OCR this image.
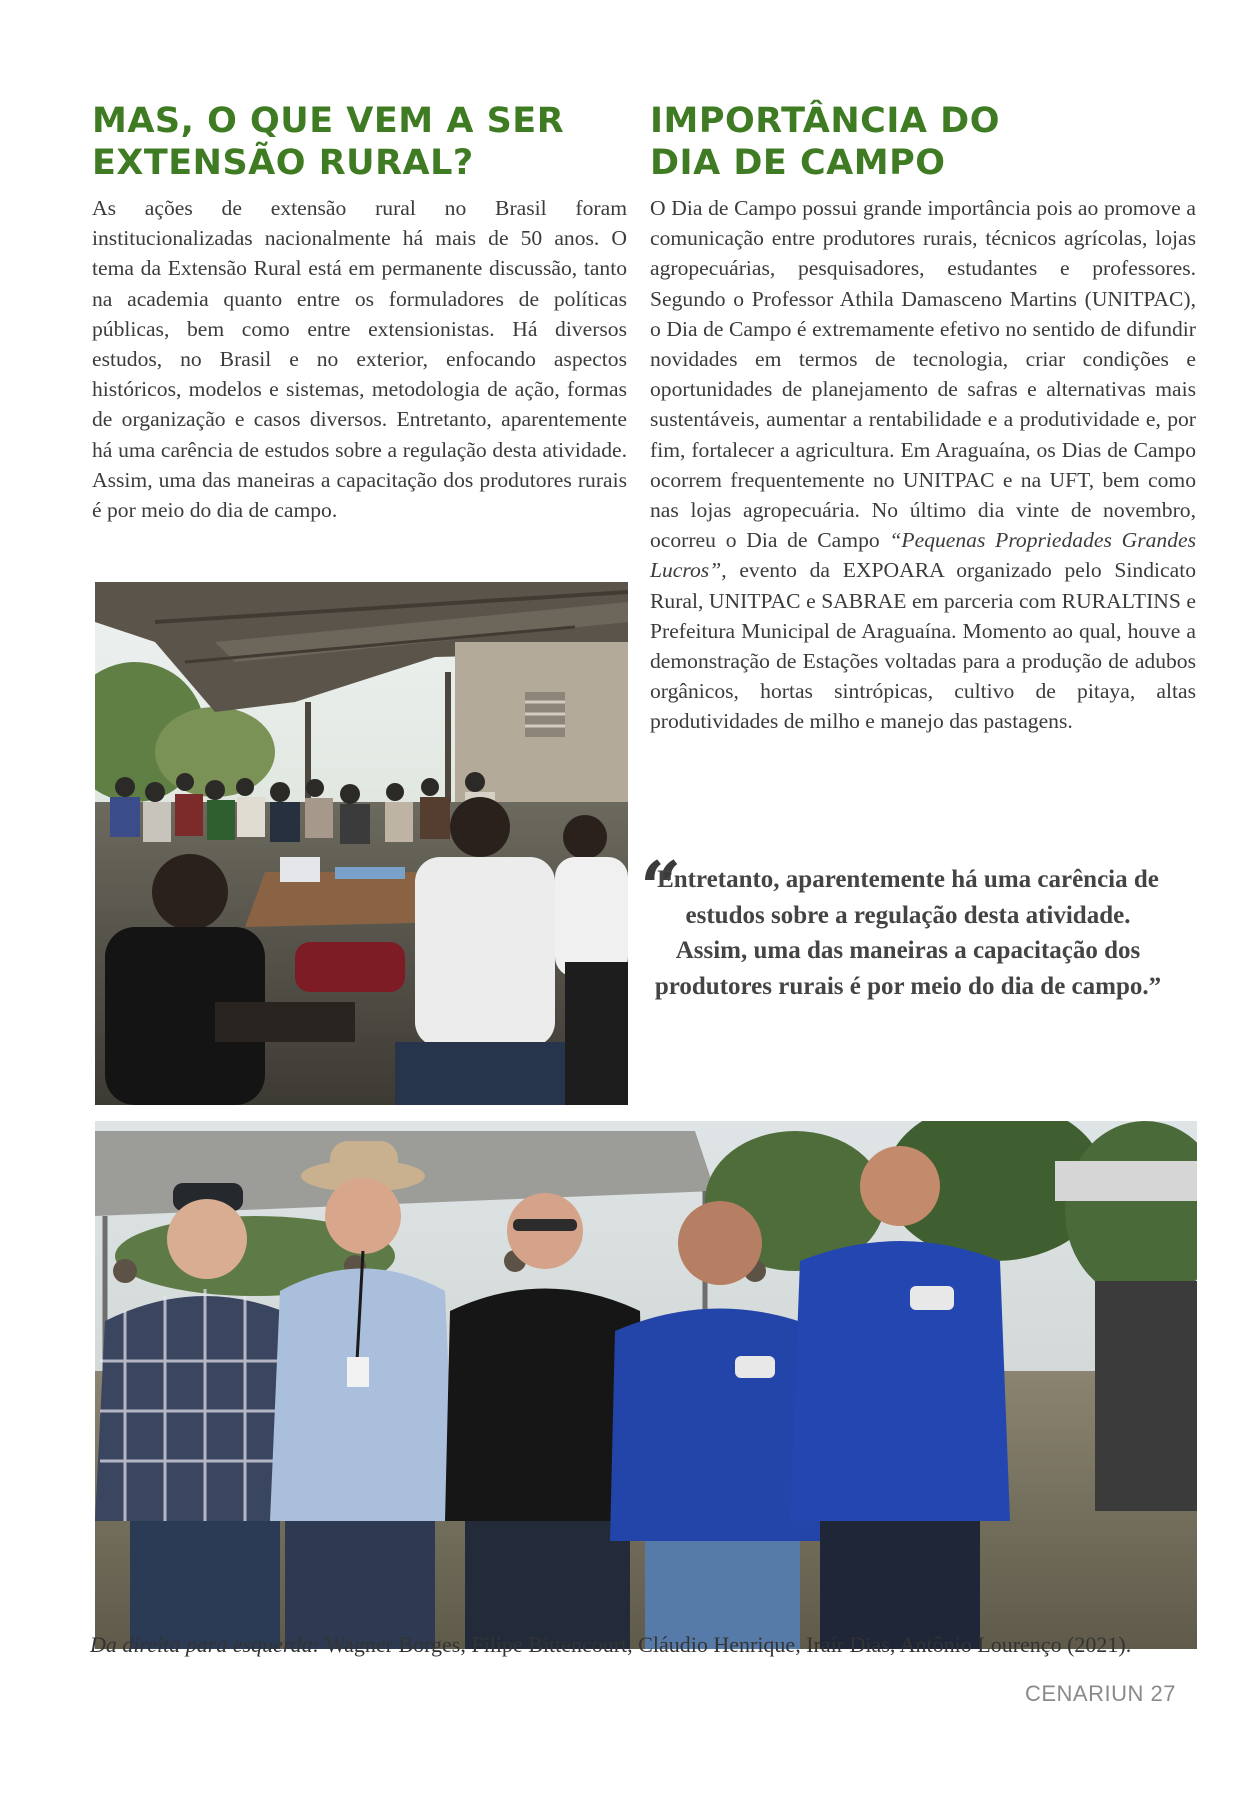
MAS, O QUE VEM A SER
EXTENSÃO RURAL?

As ações de extensão rural no Brasil foram institucionalizadas nacionalmente há mais de 50 anos. O tema da Extensão Rural está em permanente discussão, tanto na academia quanto entre os formuladores de políticas públicas, bem como entre extensionistas. Há diversos estudos, no Brasil e no exterior, enfocando aspectos históricos, modelos e sistemas, metodologia de ação, formas de organização e casos diversos. Entretanto, aparentemente há uma carência de estudos sobre a regulação desta atividade. Assim, uma das maneiras a capacitação dos produtores rurais é por meio do dia de campo.

IMPORTÂNCIA DO
DIA DE CAMPO

O Dia de Campo possui grande importância pois ao promove a comunicação entre produtores rurais, técnicos agrícolas, lojas agropecuárias, pesquisadores, estudantes e professores. Segundo o Professor Athila Damasceno Martins (UNITPAC), o Dia de Campo é extremamente efetivo no sentido de difundir novidades em termos de tecnologia, criar condições e oportunidades de planejamento de safras e alternativas mais sustentáveis, aumentar a rentabilidade e a produtividade e, por fim, fortalecer a agricultura. Em Araguaína, os Dias de Campo ocorrem frequentemente no UNITPAC e na UFT, bem como nas lojas agropecuária. No último dia vinte de novembro, ocorreu o Dia de Campo “Pequenas Propriedades Grandes Lucros”, evento da EXPOARA organizado pelo Sindicato Rural, UNITPAC e SABRAE em parceria com RURALTINS e Prefeitura Municipal de Araguaína. Momento ao qual, houve a demonstração de Estações voltadas para a produção de adubos orgânicos, hortas sintrópicas, cultivo de pitaya, altas produtividades de milho e manejo das pastagens.

“
Entretanto, aparentemente há uma carência de estudos sobre a regulação desta atividade. Assim, uma das maneiras a capacitação dos produtores rurais é por meio do dia de campo.”
Da direita para esquerda: Wagner Borges, Filipe Bittencourt, Cláudio Henrique, Iraír Dias, Antônio Lourenço (2021).
CENARIUN 27
